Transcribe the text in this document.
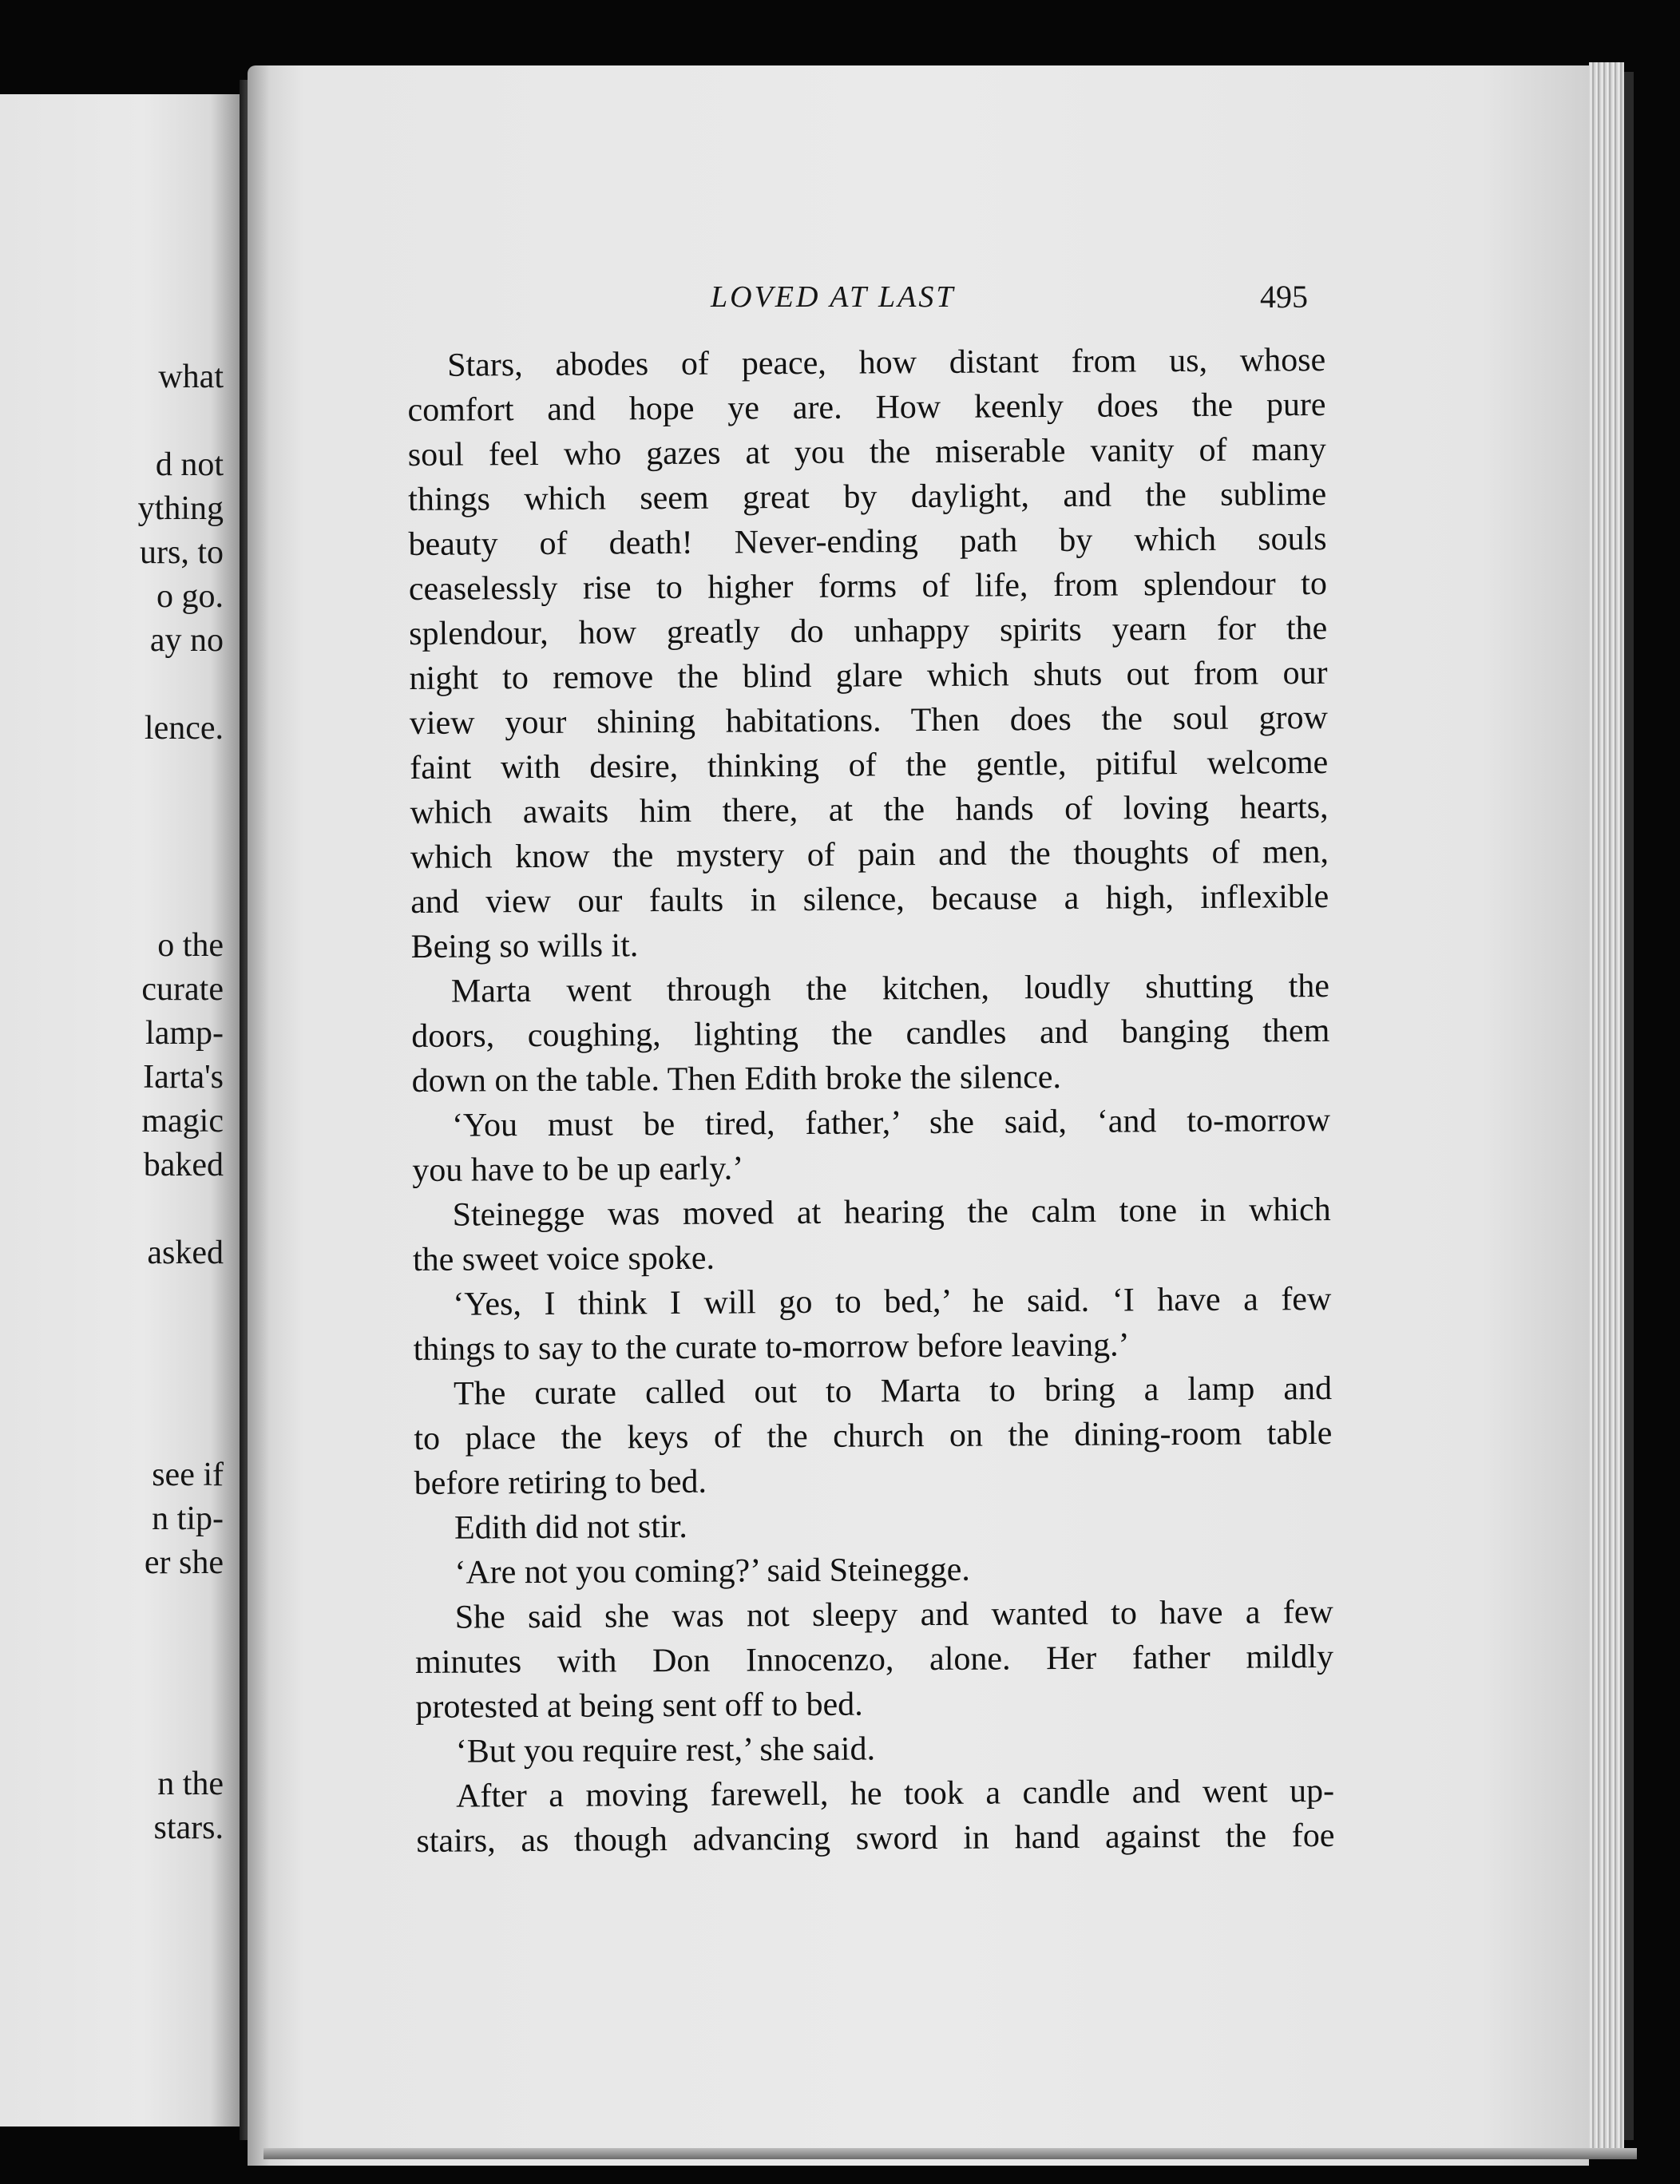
what
d not
ything
urs, to
o go.
ay no
lence.
o the
curate
lamp-
Iarta's
magic
baked
asked
see if
n tip-
er she
n the
stars.
LOVED AT LAST	495
Stars, abodes of peace, how distant from us, whose
comfort and hope ye are. How keenly does the pure
soul feel who gazes at you the miserable vanity of many
things which seem great by daylight, and the sublime
beauty of death! Never-ending path by which souls
ceaselessly rise to higher forms of life, from splendour to
splendour, how greatly do unhappy spirits yearn for the
night to remove the blind glare which shuts out from our
view your shining habitations. Then does the soul grow
faint with desire, thinking of the gentle, pitiful welcome
which awaits him there, at the hands of loving hearts,
which know the mystery of pain and the thoughts of men,
and view our faults in silence, because a high, inflexible
Being so wills it.
Marta went through the kitchen, loudly shutting the
doors, coughing, lighting the candles and banging them
down on the table. Then Edith broke the silence.
‘You must be tired, father,’ she said, ‘and to-morrow
you have to be up early.’
Steinegge was moved at hearing the calm tone in which
the sweet voice spoke.
‘Yes, I think I will go to bed,’ he said. ‘I have a few
things to say to the curate to-morrow before leaving.’
The curate called out to Marta to bring a lamp and
to place the keys of the church on the dining-room table
before retiring to bed.
Edith did not stir.
‘Are not you coming?’ said Steinegge.
She said she was not sleepy and wanted to have a few
minutes with Don Innocenzo, alone. Her father mildly
protested at being sent off to bed.
‘But you require rest,’ she said.
After a moving farewell, he took a candle and went up-
stairs, as though advancing sword in hand against the foe
